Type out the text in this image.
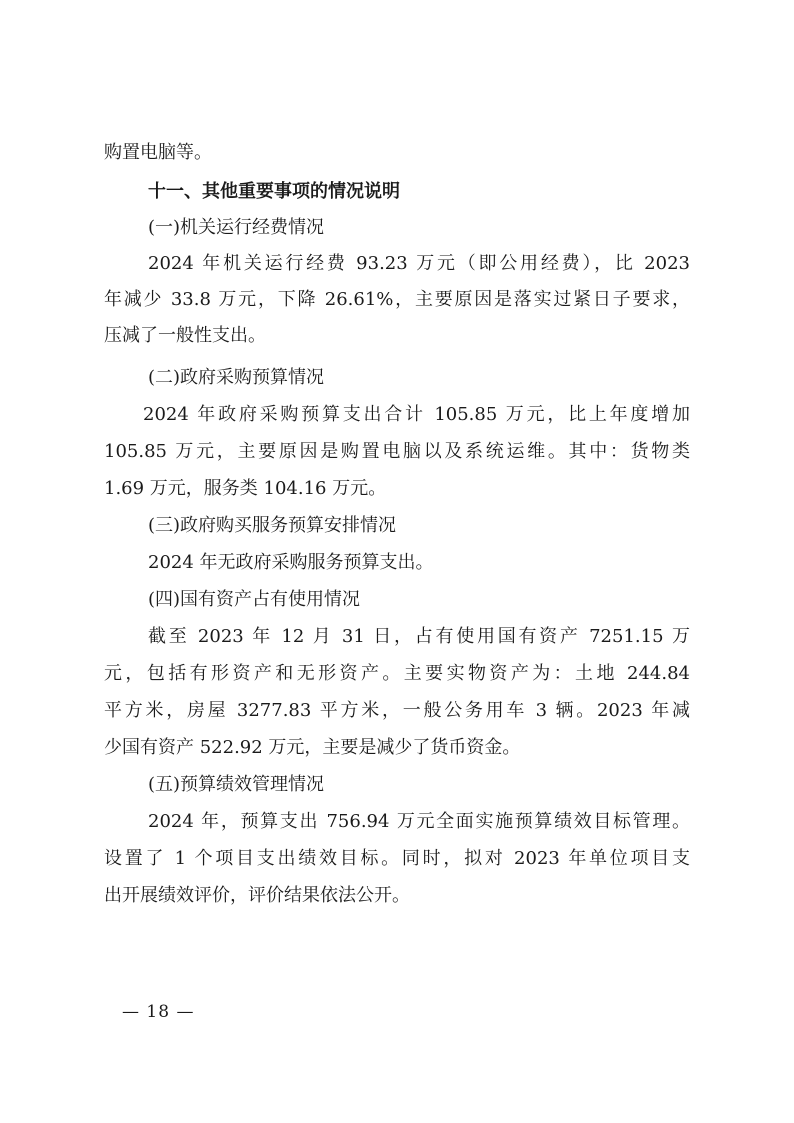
购置电脑等。
十一、其他重要事项的情况说明
(一)机关运行经费情况
2024 年机关运行经费 93.23 万元（即公用经费），比 2023
年减少 33.8 万元，下降 26.61%，主要原因是落实过紧日子要求，
压减了一般性支出。
(二)政府采购预算情况
2024 年政府采购预算支出合计 105.85 万元，比上年度增加
105.85 万元，主要原因是购置电脑以及系统运维。其中：货物类
1.69 万元，服务类 104.16 万元。
(三)政府购买服务预算安排情况
2024 年无政府采购服务预算支出。
(四)国有资产占有使用情况
截至 2023 年 12 月 31 日，占有使用国有资产 7251.15 万
元，包括有形资产和无形资产。主要实物资产为：土地 244.84
平方米，房屋 3277.83 平方米，一般公务用车 3 辆。2023 年减
少国有资产 522.92 万元，主要是减少了货币资金。
(五)预算绩效管理情况
2024 年，预算支出 756.94 万元全面实施预算绩效目标管理。
设置了 1 个项目支出绩效目标。同时，拟对 2023 年单位项目支
出开展绩效评价，评价结果依法公开。
— 18 —
